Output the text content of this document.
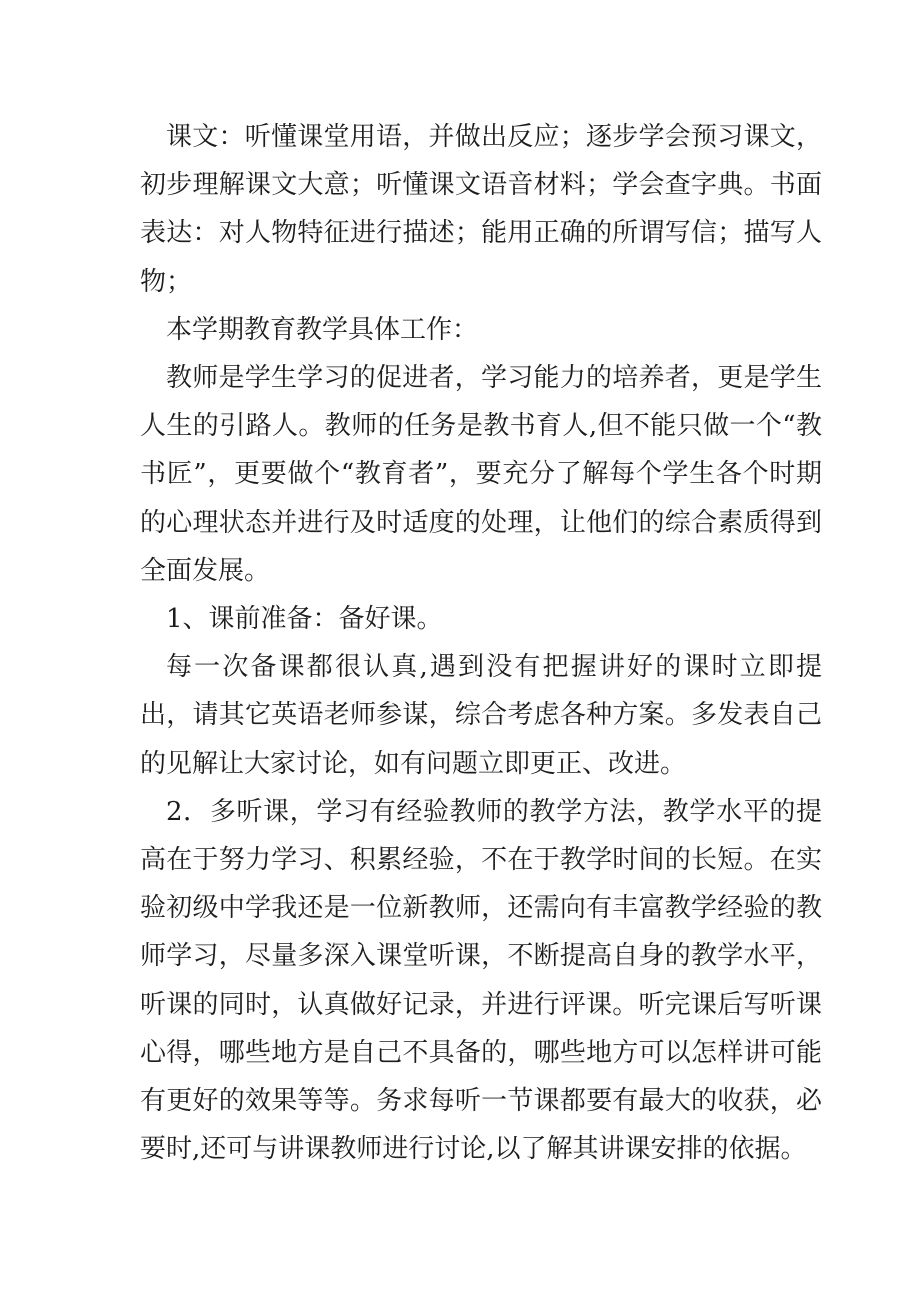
课文：听懂课堂用语，并做出反应；逐步学会预习课文，初步理解课文大意；听懂课文语音材料；学会查字典。书面表达：对人物特征进行描述；能用正确的所谓写信；描写人物；

本学期教育教学具体工作：

教师是学生学习的促进者，学习能力的培养者，更是学生人生的引路人。教师的任务是教书育人,但不能只做一个“教书匠”，更要做个“教育者”，要充分了解每个学生各个时期的心理状态并进行及时适度的处理，让他们的综合素质得到全面发展。

1、课前准备：备好课。

每一次备课都很认真,遇到没有把握讲好的课时立即提出，请其它英语老师参谋，综合考虑各种方案。多发表自己的见解让大家讨论，如有问题立即更正、改进。

2．多听课，学习有经验教师的教学方法，教学水平的提高在于努力学习、积累经验，不在于教学时间的长短。在实验初级中学我还是一位新教师，还需向有丰富教学经验的教师学习，尽量多深入课堂听课，不断提高自身的教学水平，听课的同时，认真做好记录，并进行评课。听完课后写听课心得，哪些地方是自己不具备的，哪些地方可以怎样讲可能有更好的效果等等。务求每听一节课都要有最大的收获，必要时,还可与讲课教师进行讨论,以了解其讲课安排的依据。
